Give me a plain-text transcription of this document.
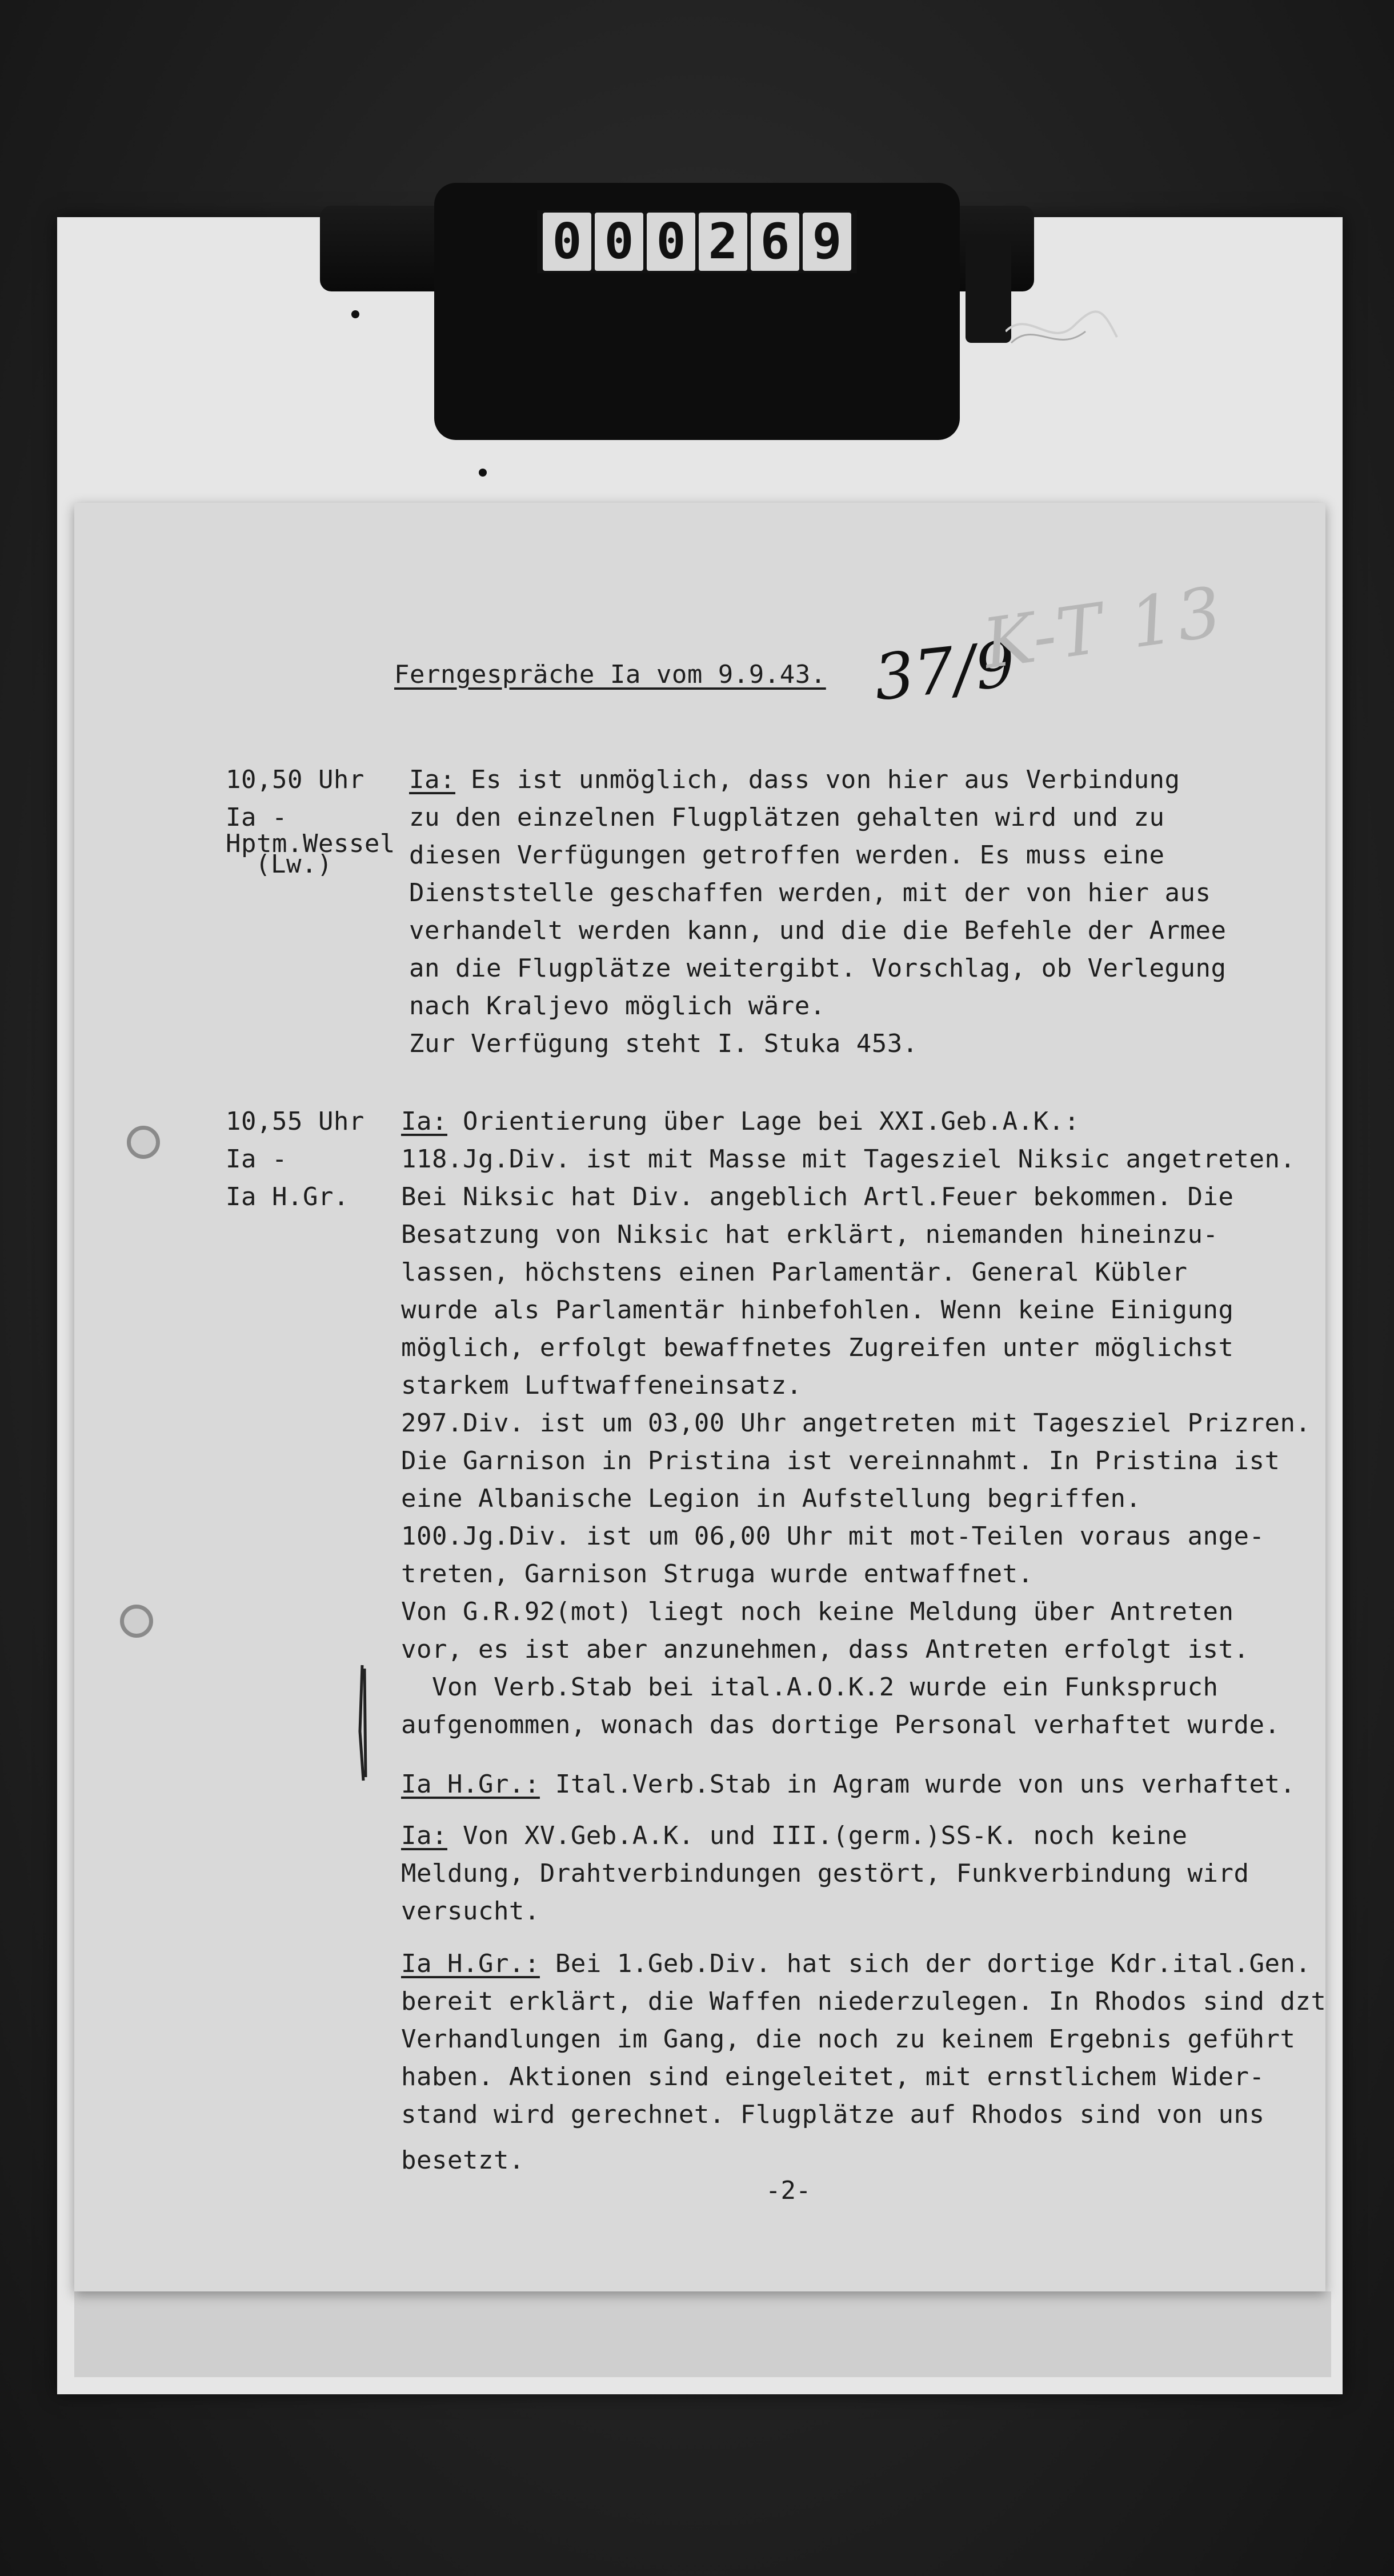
0 0 0 2 6 9
Ferngespräche Ia vom 9.9.43. 37/9
K-T 13
10,50 Uhr
Ia -
Hptm.Wessel
(Lw.)
Ia: Es ist unmöglich, dass von hier aus Verbindung
zu den einzelnen Flugplätzen gehalten wird und zu
diesen Verfügungen getroffen werden. Es muss eine
Dienststelle geschaffen werden, mit der von hier aus
verhandelt werden kann, und die die Befehle der Armee
an die Flugplätze weitergibt. Vorschlag, ob Verlegung
nach Kraljevo möglich wäre.
Zur Verfügung steht I. Stuka 453.
10,55 Uhr
Ia -
Ia H.Gr.
Ia: Orientierung über Lage bei XXI.Geb.A.K.:
118.Jg.Div. ist mit Masse mit Tagesziel Niksic angetreten.
Bei Niksic hat Div. angeblich Artl.Feuer bekommen. Die
Besatzung von Niksic hat erklärt, niemanden hineinzu-
lassen, höchstens einen Parlamentär. General Kübler
wurde als Parlamentär hinbefohlen. Wenn keine Einigung
möglich, erfolgt bewaffnetes Zugreifen unter möglichst
starkem Luftwaffeneinsatz.
297.Div. ist um 03,00 Uhr angetreten mit Tagesziel Prizren.
Die Garnison in Pristina ist vereinnahmt. In Pristina ist
eine Albanische Legion in Aufstellung begriffen.
100.Jg.Div. ist um 06,00 Uhr mit mot-Teilen voraus ange-
treten, Garnison Struga wurde entwaffnet.
Von G.R.92(mot) liegt noch keine Meldung über Antreten
vor, es ist aber anzunehmen, dass Antreten erfolgt ist.
Von Verb.Stab bei ital.A.O.K.2 wurde ein Funkspruch
aufgenommen, wonach das dortige Personal verhaftet wurde.
Ia H.Gr.: Ital.Verb.Stab in Agram wurde von uns verhaftet.
Ia: Von XV.Geb.A.K. und III.(germ.)SS-K. noch keine
Meldung, Drahtverbindungen gestört, Funkverbindung wird
versucht.
Ia H.Gr.: Bei 1.Geb.Div. hat sich der dortige Kdr.ital.Gen.
bereit erklärt, die Waffen niederzulegen. In Rhodos sind dzt
Verhandlungen im Gang, die noch zu keinem Ergebnis geführt
haben. Aktionen sind eingeleitet, mit ernstlichem Wider-
stand wird gerechnet. Flugplätze auf Rhodos sind von uns
besetzt.
-2-
